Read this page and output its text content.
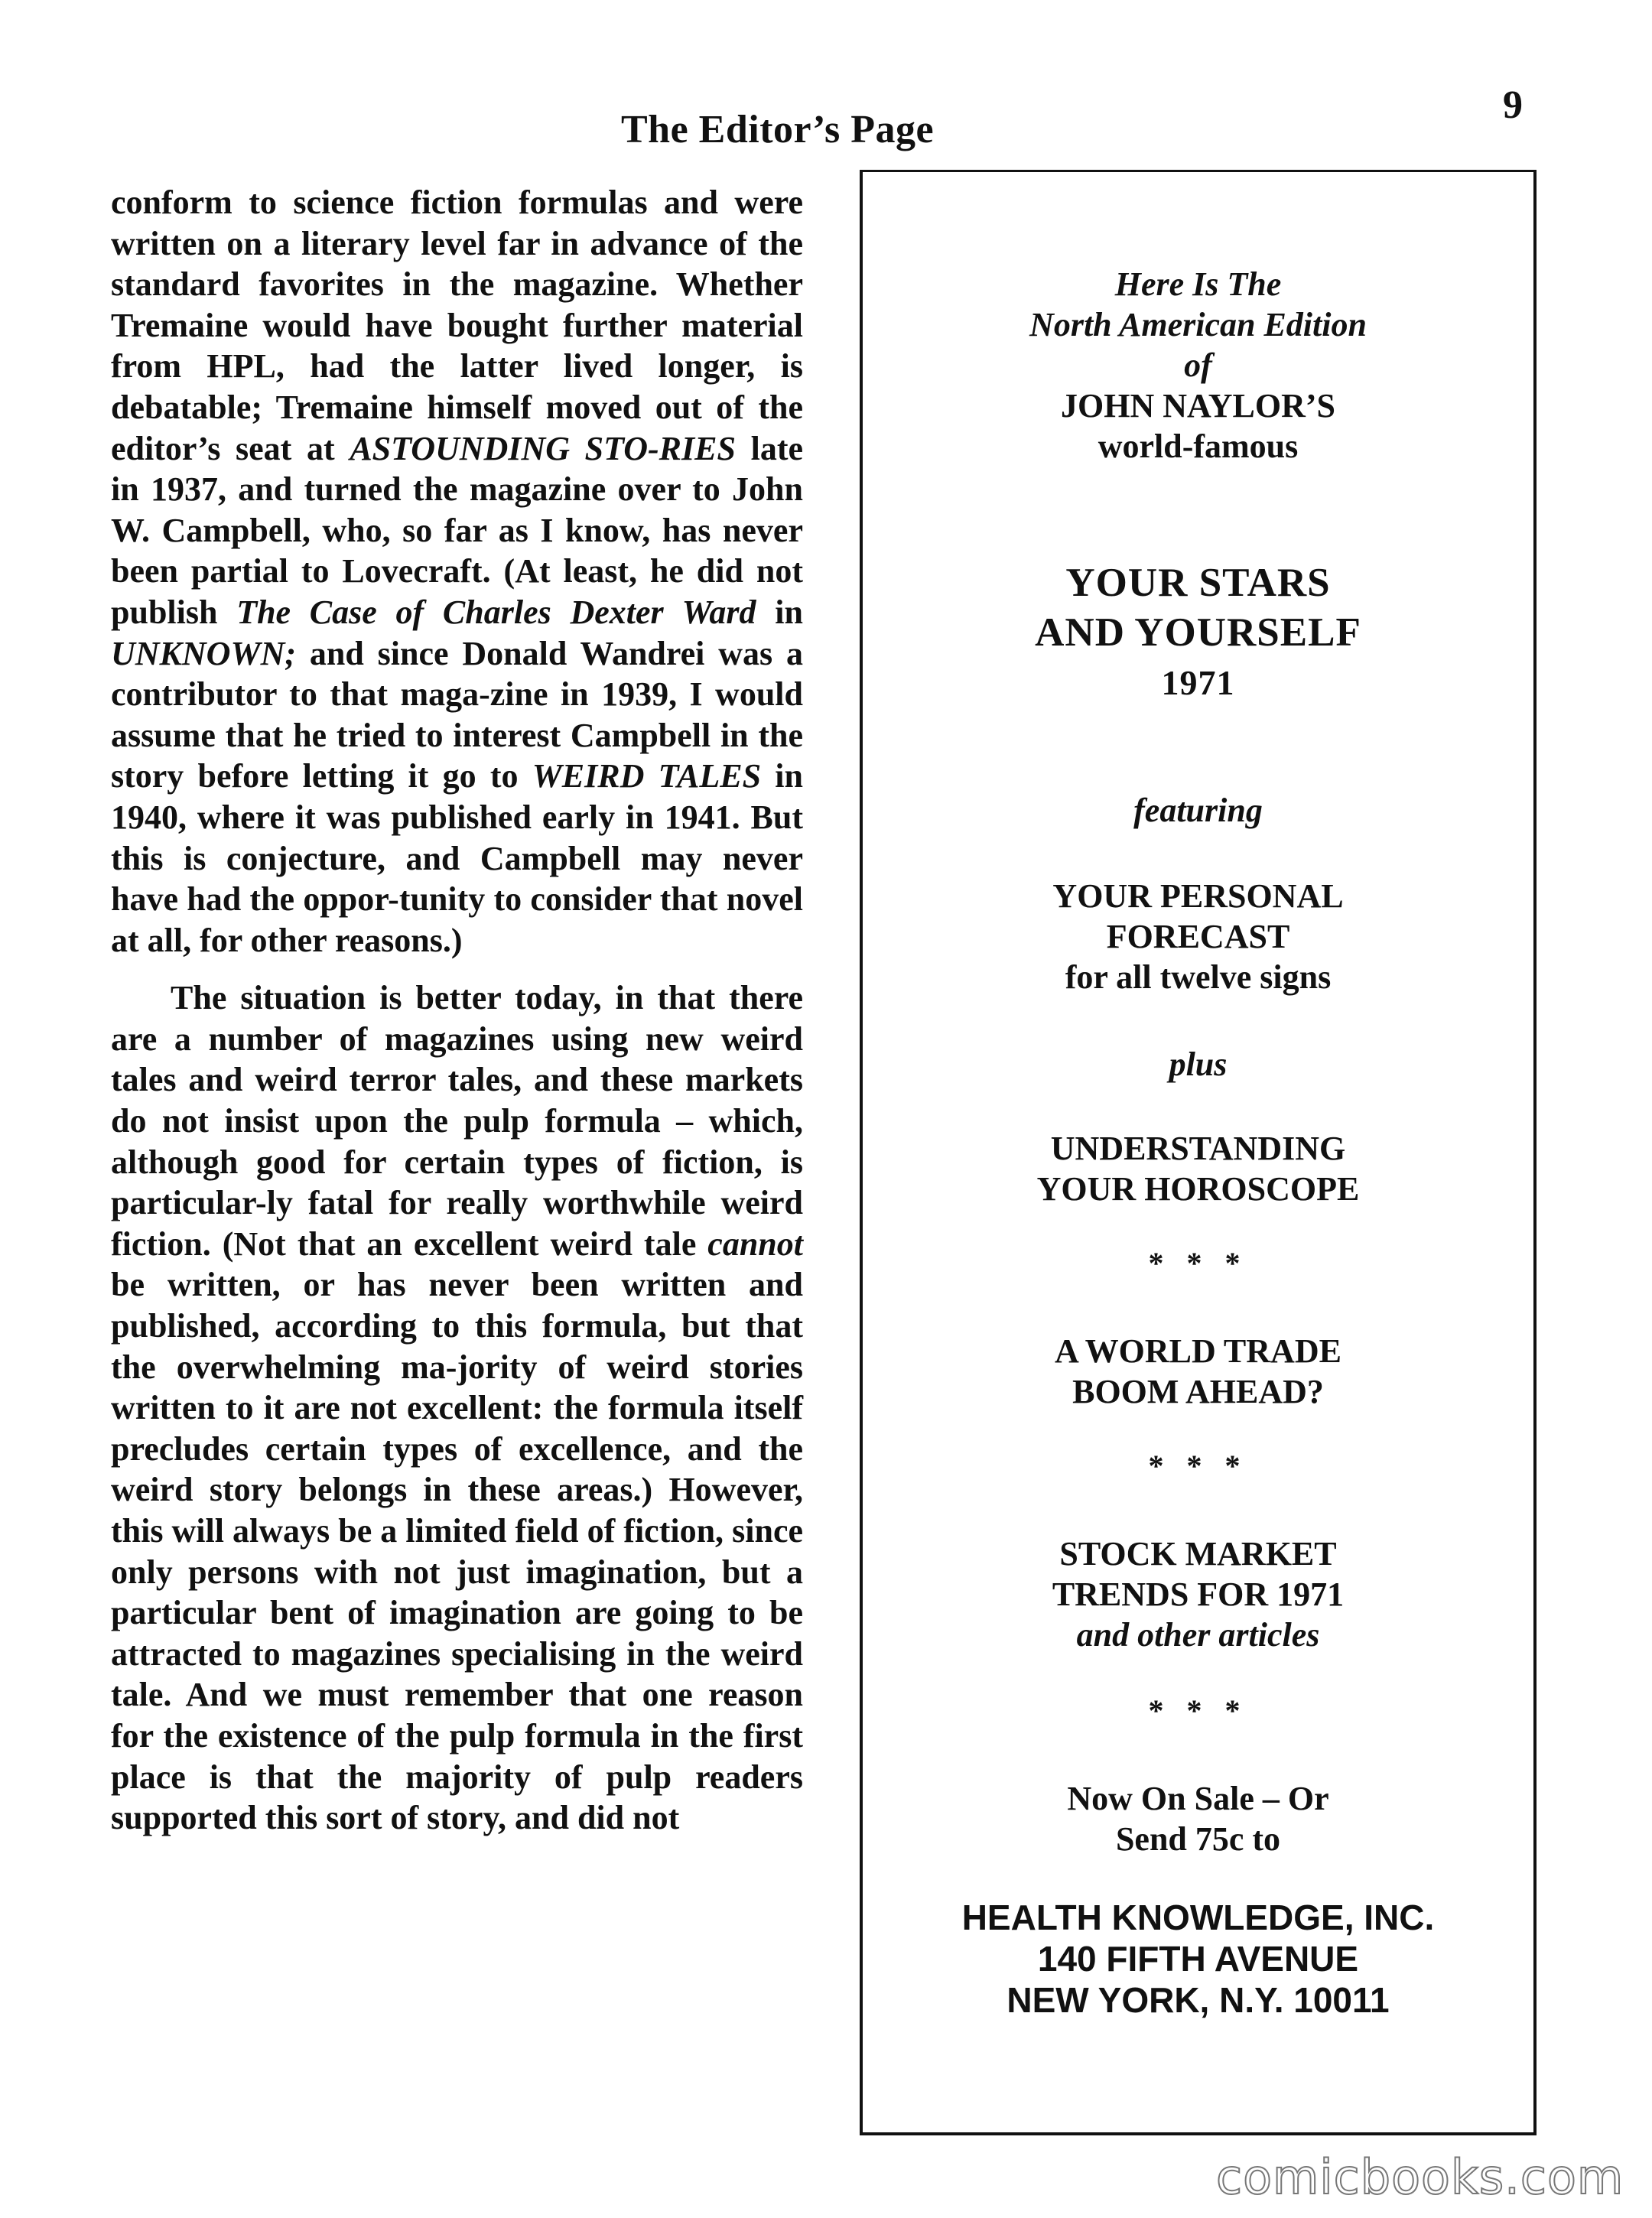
The Editor’s Page
9

conform to science fiction formulas and were written on a literary level far in advance of the standard favorites in the magazine. Whether Tremaine would have bought further material from HPL, had the latter lived longer, is debatable; Tremaine himself moved out of the editor’s seat at ASTOUNDING STO-RIES late in 1937, and turned the magazine over to John W. Campbell, who, so far as I know, has never been partial to Lovecraft. (At least, he did not publish The Case of Charles Dexter Ward in UNKNOWN; and since Donald Wandrei was a contributor to that maga-zine in 1939, I would assume that he tried to interest Campbell in the story before letting it go to WEIRD TALES in 1940, where it was published early in 1941. But this is conjecture, and Campbell may never have had the oppor-tunity to consider that novel at all, for other reasons.)

The situation is better today, in that there are a number of magazines using new weird tales and weird terror tales, and these markets do not insist upon the pulp formula – which, although good for certain types of fiction, is particular-ly fatal for really worthwhile weird fiction. (Not that an excellent weird tale cannot be written, or has never been written and published, according to this formula, but that the overwhelming ma-jority of weird stories written to it are not excellent: the formula itself precludes certain types of excellence, and the weird story belongs in these areas.) However, this will always be a limited field of fiction, since only persons with not just imagination, but a particular bent of imagination are going to be attracted to magazines specialising in the weird tale. And we must remember that one reason for the existence of the pulp formula in the first place is that the majority of pulp readers supported this sort of story, and did not

Here Is The
North American Edition
of
JOHN NAYLOR’S
world-famous
YOUR STARS
AND YOURSELF
1971
featuring
YOUR PERSONAL
FORECAST
for all twelve signs
plus
UNDERSTANDING
YOUR HOROSCOPE
* * *
A WORLD TRADE
BOOM AHEAD?
* * *
STOCK MARKET
TRENDS FOR 1971
and other articles
* * *
Now On Sale – Or
Send 75c to
HEALTH KNOWLEDGE, INC.
140 FIFTH AVENUE
NEW YORK, N.Y. 10011
comicbooks.com
